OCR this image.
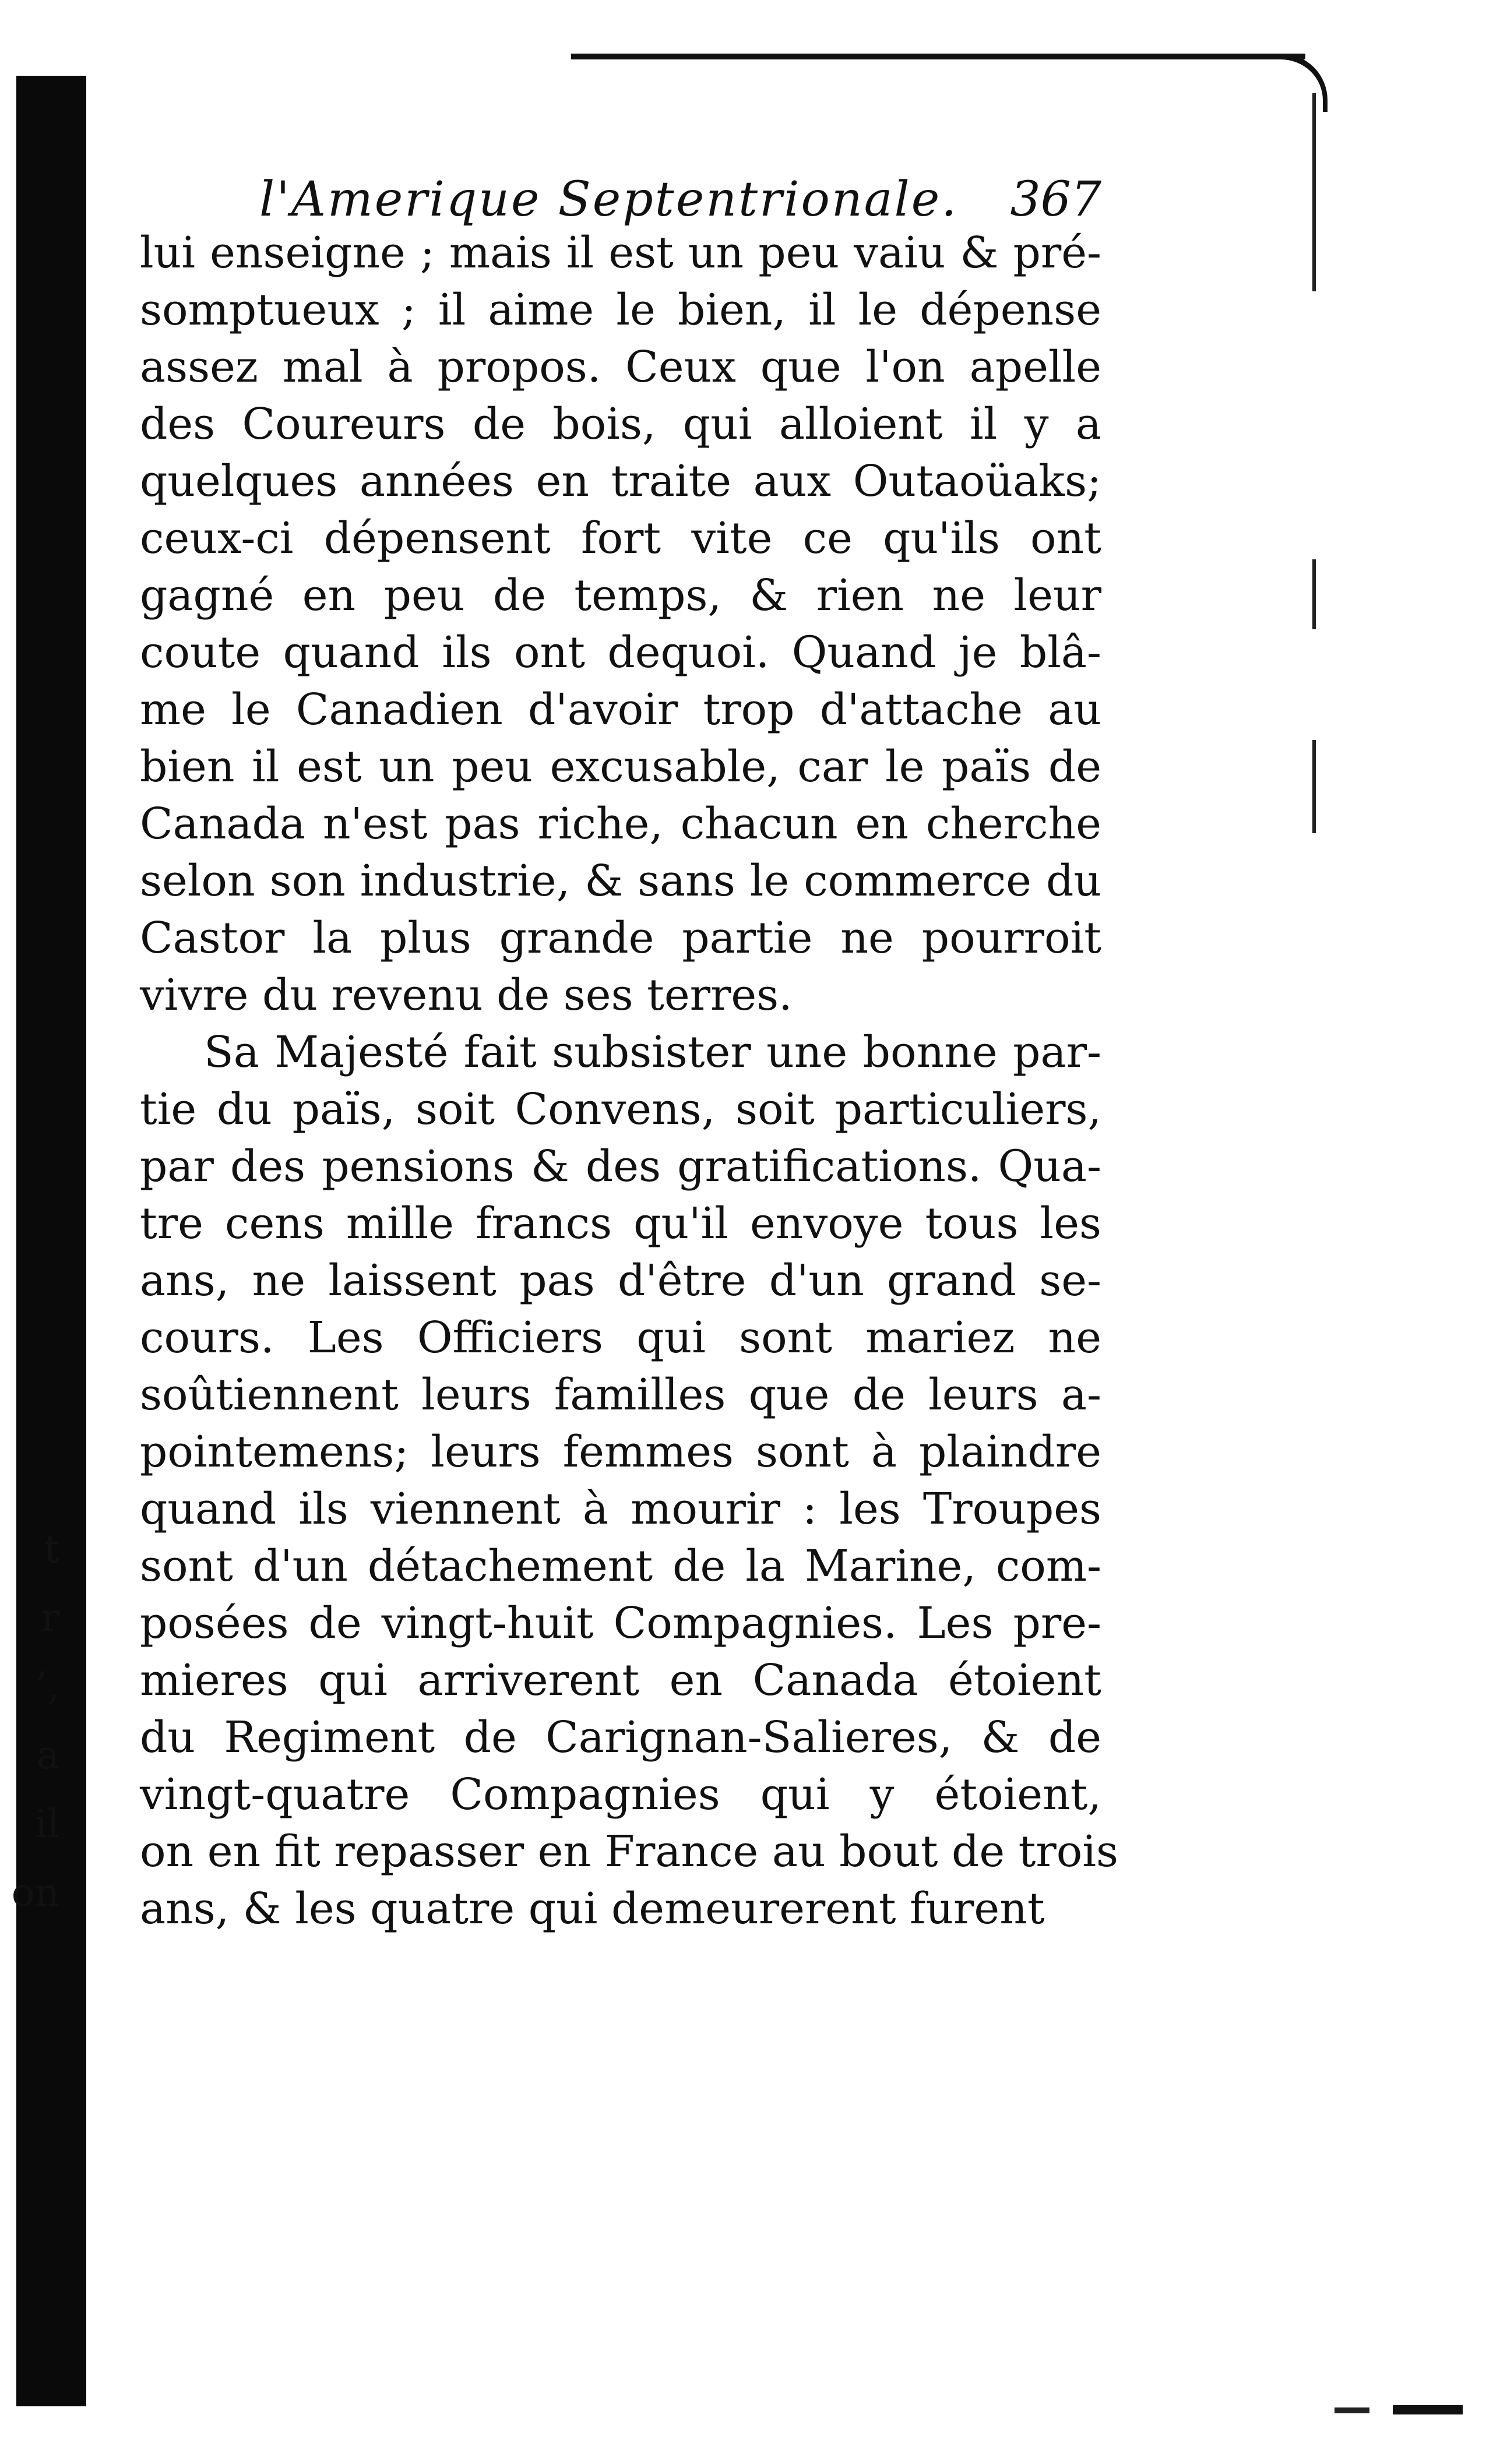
t
r
’,
a
il
on
l'Amerique Septentrionale. 367
lui enseigne ; mais il est un peu vaiu & pré-
somptueux ; il aime le bien, il le dépense
assez mal à propos. Ceux que l'on apelle
des Coureurs de bois, qui alloient il y a
quelques années en traite aux Outaoüaks;
ceux-ci dépensent fort vite ce qu'ils ont
gagné en peu de temps, & rien ne leur
coute quand ils ont dequoi. Quand je blâ-
me le Canadien d'avoir trop d'attache au
bien il est un peu excusable, car le païs de
Canada n'est pas riche, chacun en cherche
selon son industrie, & sans le commerce du
Castor la plus grande partie ne pourroit
vivre du revenu de ses terres.
Sa Majesté fait subsister une bonne par-
tie du païs, soit Convens, soit particuliers,
par des pensions & des gratifications. Qua-
tre cens mille francs qu'il envoye tous les
ans, ne laissent pas d'être d'un grand se-
cours. Les Officiers qui sont mariez ne
soûtiennent leurs familles que de leurs a-
pointemens; leurs femmes sont à plaindre
quand ils viennent à mourir : les Troupes
sont d'un détachement de la Marine, com-
posées de vingt-huit Compagnies. Les pre-
mieres qui arriverent en Canada étoient
du Regiment de Carignan-Salieres, & de
vingt-quatre Compagnies qui y étoient,
on en fit repasser en France au bout de trois
ans, & les quatre qui demeurerent furent
